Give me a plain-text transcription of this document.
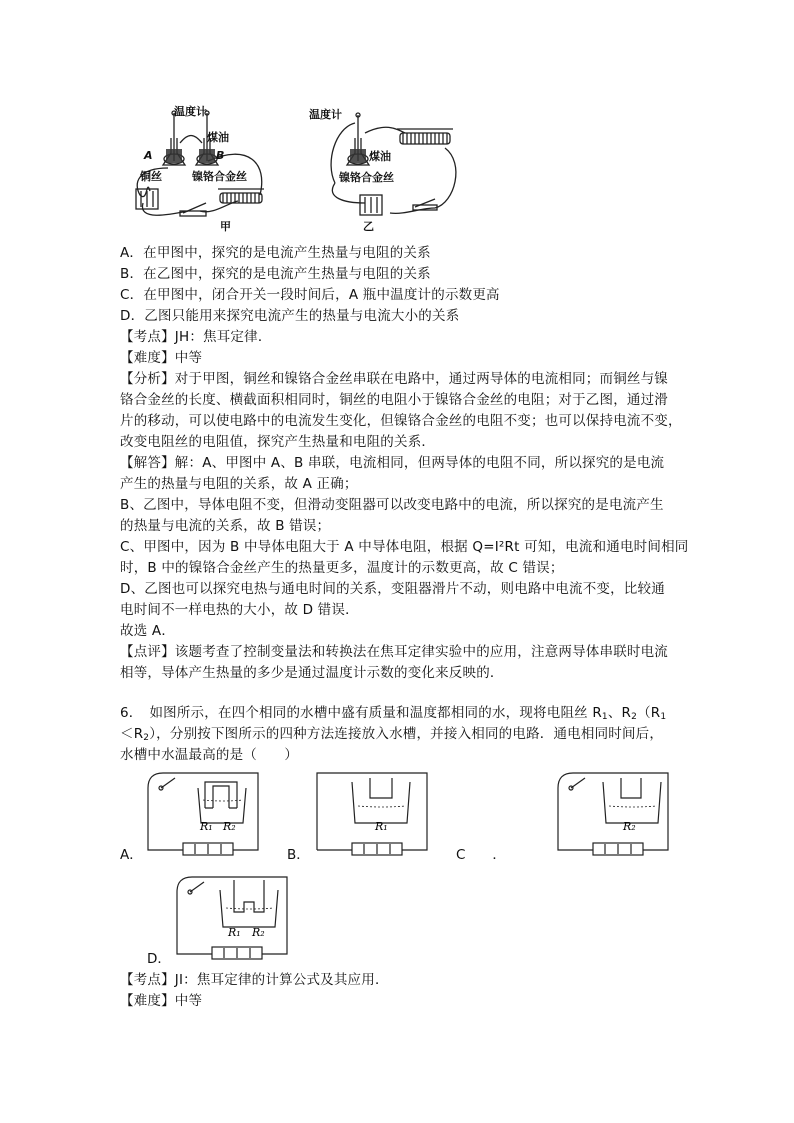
温度计
煤油
A	B
铜丝	镍铬合金丝
甲
温度计
煤油
镍铬合金丝
乙
A．在甲图中，探究的是电流产生热量与电阻的关系
B．在乙图中，探究的是电流产生热量与电阻的关系
C．在甲图中，闭合开关一段时间后，A 瓶中温度计的示数更高
D．乙图只能用来探究电流产生的热量与电流大小的关系
【考点】JH：焦耳定律．
【难度】中等
【分析】对于甲图，铜丝和镍铬合金丝串联在电路中，通过两导体的电流相同；而铜丝与镍
铬合金丝的长度、横截面积相同时，铜丝的电阻小于镍铬合金丝的电阻；对于乙图，通过滑
片的移动，可以使电路中的电流发生变化，但镍铬合金丝的电阻不变；也可以保持电流不变，
改变电阻丝的电阻值，探究产生热量和电阻的关系．
【解答】解：A、甲图中 A、B 串联，电流相同，但两导体的电阻不同，所以探究的是电流
产生的热量与电阻的关系，故 A 正确；
B、乙图中，导体电阻不变，但滑动变阻器可以改变电路中的电流，所以探究的是电流产生
的热量与电流的关系，故 B 错误；
C、甲图中，因为 B 中导体电阻大于 A 中导体电阻，根据 Q=I²Rt 可知，电流和通电时间相同
时，B 中的镍铬合金丝产生的热量更多，温度计的示数更高，故 C 错误；
D、乙图也可以探究电热与通电时间的关系，变阻器滑片不动，则电路中电流不变，比较通
电时间不一样电热的大小，故 D 错误．
故选 A．
【点评】该题考查了控制变量法和转换法在焦耳定律实验中的应用，注意两导体串联时电流
相等，导体产生热量的多少是通过温度计示数的变化来反映的．
6．　如图所示，在四个相同的水槽中盛有质量和温度都相同的水，现将电阻丝 $R_1$、$R_2(R_1$
$<R_2$），分别按下图所示的四种方法连接放入水槽，并接入相同的电路．通电相同时间后，
水槽中水温最高的是（　　）
R₁ R₂	R₁	R₂
R₁ R₂
A．	B．	C　　．
D．
【考点】JI：焦耳定律的计算公式及其应用．
【难度】中等
